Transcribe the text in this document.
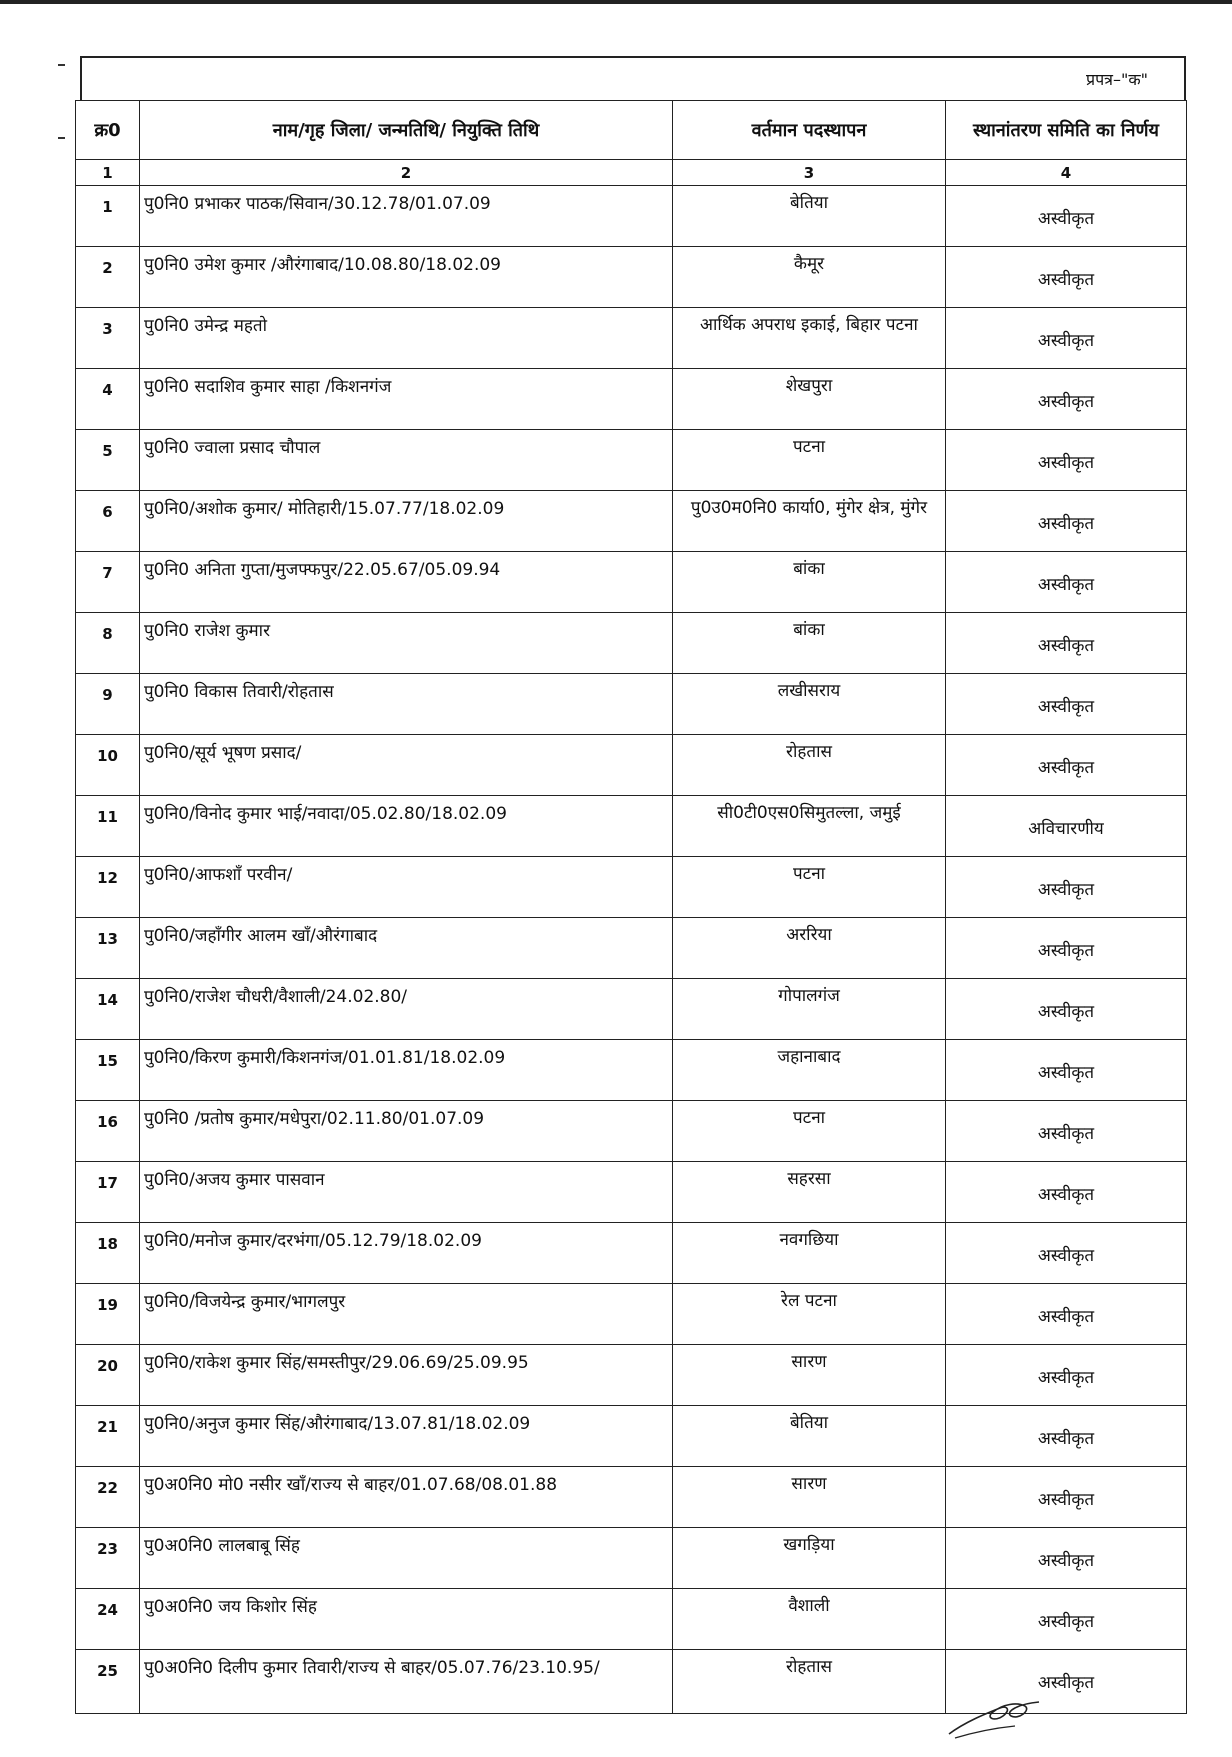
प्रपत्र–"क"
क्र0	नाम/गृह जिला/ जन्मतिथि/ नियुक्ति तिथि	वर्तमान पदस्थापन	स्थानांतरण समिति का निर्णय
1	2	3	4

1	पु0नि0 प्रभाकर पाठक/सिवान/30.12.78/01.07.09	बेतिया	अस्वीकृत

2	पु0नि0 उमेश कुमार /औरंगाबाद/10.08.80/18.02.09	कैमूर	अस्वीकृत

3	पु0नि0 उमेन्द्र महतो	आर्थिक अपराध इकाई, बिहार पटना	अस्वीकृत

4	पु0नि0 सदाशिव कुमार साहा /किशनगंज	शेखपुरा	अस्वीकृत

5	पु0नि0 ज्वाला प्रसाद चौपाल	पटना	अस्वीकृत

6	पु0नि0/अशोक कुमार/ मोतिहारी/15.07.77/18.02.09	पु0उ0म0नि0 कार्या0, मुंगेर क्षेत्र, मुंगेर	अस्वीकृत

7	पु0नि0 अनिता गुप्ता/मुजफ्फपुर/22.05.67/05.09.94	बांका	अस्वीकृत

8	पु0नि0 राजेश कुमार	बांका	अस्वीकृत

9	पु0नि0 विकास तिवारी/रोहतास	लखीसराय	अस्वीकृत

10	पु0नि0/सूर्य भूषण प्रसाद/	रोहतास	अस्वीकृत

11	पु0नि0/विनोद कुमार भाई/नवादा/05.02.80/18.02.09	सी0टी0एस0सिमुतल्ला, जमुई	अविचारणीय

12	पु0नि0/आफशाँ परवीन/	पटना	अस्वीकृत

13	पु0नि0/जहाँगीर आलम खाँ/औरंगाबाद	अररिया	अस्वीकृत

14	पु0नि0/राजेश चौधरी/वैशाली/24.02.80/	गोपालगंज	अस्वीकृत

15	पु0नि0/किरण कुमारी/किशनगंज/01.01.81/18.02.09	जहानाबाद	अस्वीकृत

16	पु0नि0 /प्रतोष कुमार/मधेपुरा/02.11.80/01.07.09	पटना	अस्वीकृत

17	पु0नि0/अजय कुमार पासवान	सहरसा	अस्वीकृत

18	पु0नि0/मनोज कुमार/दरभंगा/05.12.79/18.02.09	नवगछिया	अस्वीकृत

19	पु0नि0/विजयेन्द्र कुमार/भागलपुर	रेल पटना	अस्वीकृत

20	पु0नि0/राकेश कुमार सिंह/समस्तीपुर/29.06.69/25.09.95	सारण	अस्वीकृत

21	पु0नि0/अनुज कुमार सिंह/औरंगाबाद/13.07.81/18.02.09	बेतिया	अस्वीकृत

22	पु0अ0नि0 मो0 नसीर खाँ/राज्य से बाहर/01.07.68/08.01.88	सारण	अस्वीकृत

23	पु0अ0नि0 लालबाबू सिंह	खगड़िया	अस्वीकृत

24	पु0अ0नि0 जय किशोर सिंह	वैशाली	अस्वीकृत

25	पु0अ0नि0 दिलीप कुमार तिवारी/राज्य से बाहर/05.07.76/23.10.95/	रोहतास	अस्वीकृत
